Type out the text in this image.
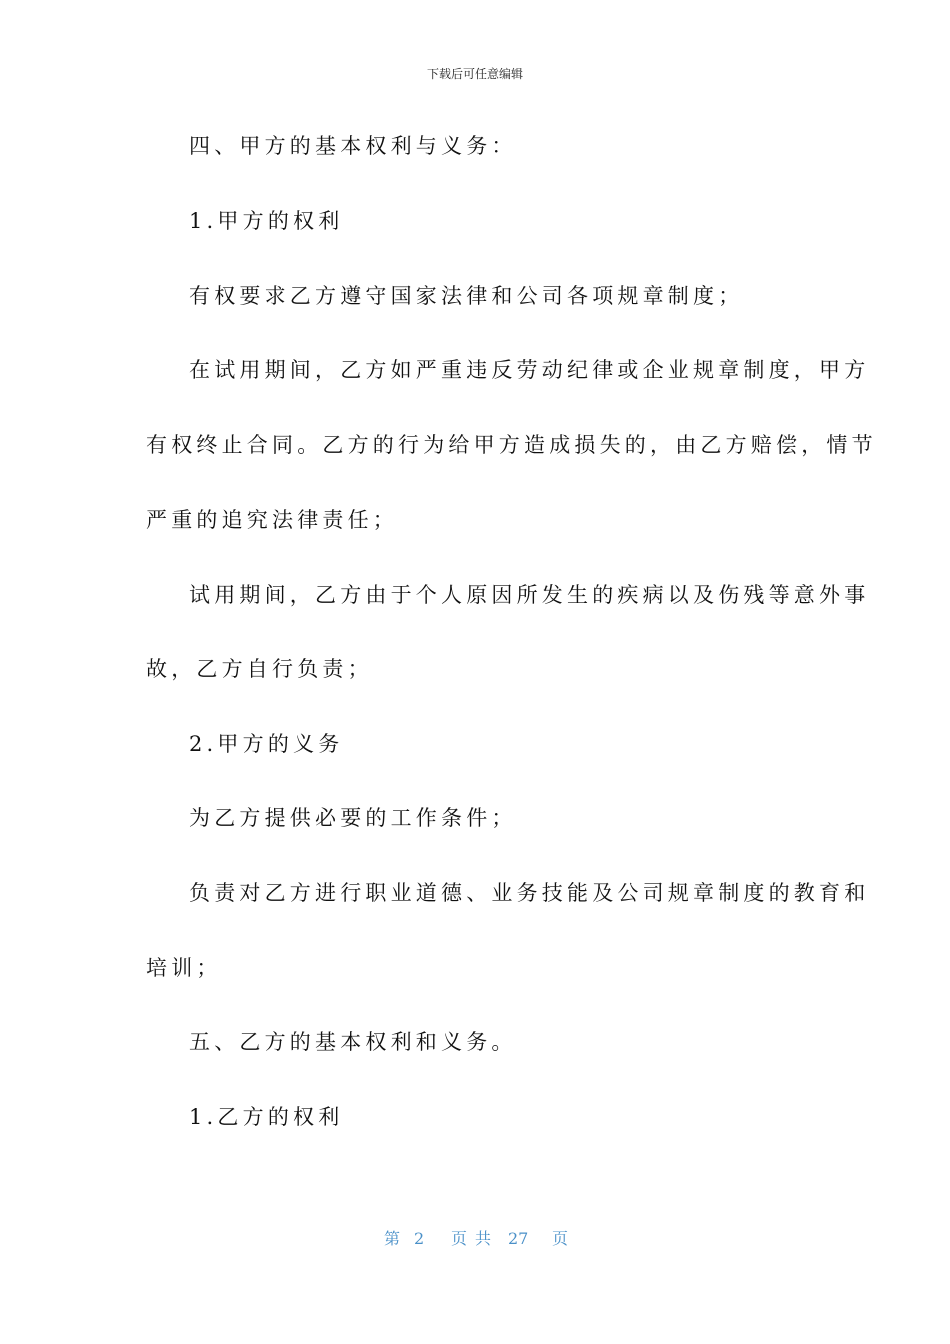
下载后可任意编辑
四、甲方的基本权利与义务：
1.甲方的权利
有权要求乙方遵守国家法律和公司各项规章制度；
在试用期间，乙方如严重违反劳动纪律或企业规章制度，甲方
有权终止合同。乙方的行为给甲方造成损失的，由乙方赔偿，情节
严重的追究法律责任；
试用期间，乙方由于个人原因所发生的疾病以及伤残等意外事
故，乙方自行负责；
2.甲方的义务
为乙方提供必要的工作条件；
负责对乙方进行职业道德、业务技能及公司规章制度的教育和
培训；
五、乙方的基本权利和义务。
1.乙方的权利
第 2 页共 27 页
